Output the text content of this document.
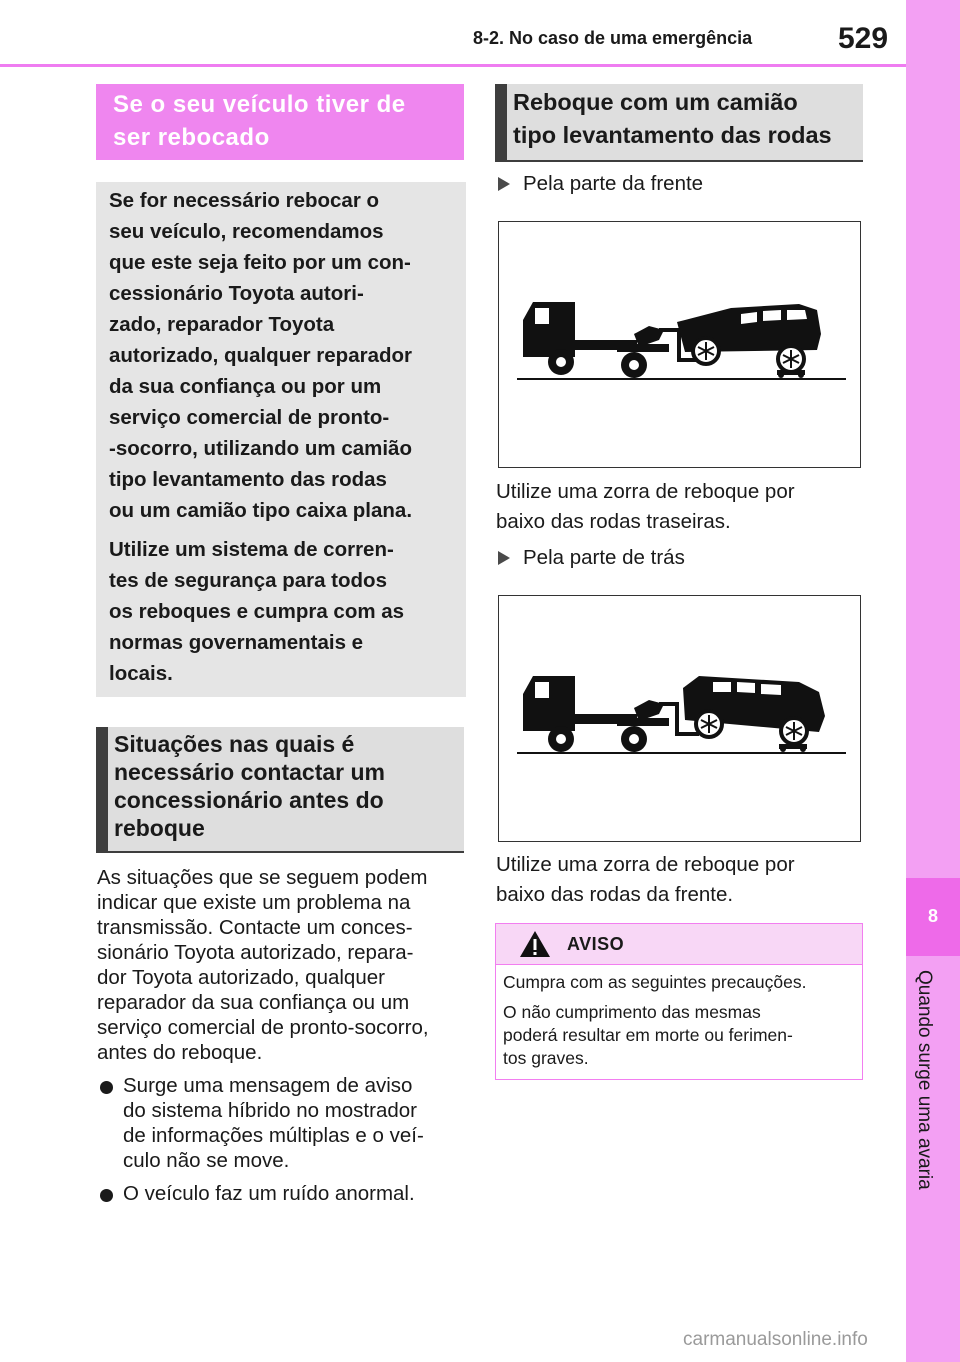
8-2. No caso de uma emergência	529
8
Quando surge uma avaria
Se o seu veículo tiver de
ser rebocado

Se for necessário rebocar o
seu veículo, recomendamos
que este seja feito por um con-
cessionário Toyota autori-
zado, reparador Toyota
autorizado, qualquer reparador
da sua confiança ou por um
serviço comercial de pronto-
-socorro, utilizando um camião
tipo levantamento das rodas
ou um camião tipo caixa plana.

Utilize um sistema de corren-
tes de segurança para todos
os reboques e cumpra com as
normas governamentais e
locais.

Situações nas quais é
necessário contactar um
concessionário antes do
reboque

As situações que se seguem podem
indicar que existe um problema na
transmissão. Contacte um conces-
sionário Toyota autorizado, repara-
dor Toyota autorizado, qualquer
reparador da sua confiança ou um
serviço comercial de pronto-socorro,
antes do reboque.

Surge uma mensagem de aviso
do sistema híbrido no mostrador
de informações múltiplas e o veí-
culo não se move.
O veículo faz um ruído anormal.
Reboque com um camião
tipo levantamento das rodas
Pela parte da frente

Utilize uma zorra de reboque por
baixo das rodas traseiras.

Pela parte de trás

Utilize uma zorra de reboque por
baixo das rodas da frente.

AVISO

Cumpra com as seguintes precauções.

O não cumprimento das mesmas
poderá resultar em morte ou ferimen-
tos graves.

carmanualsonline.info
